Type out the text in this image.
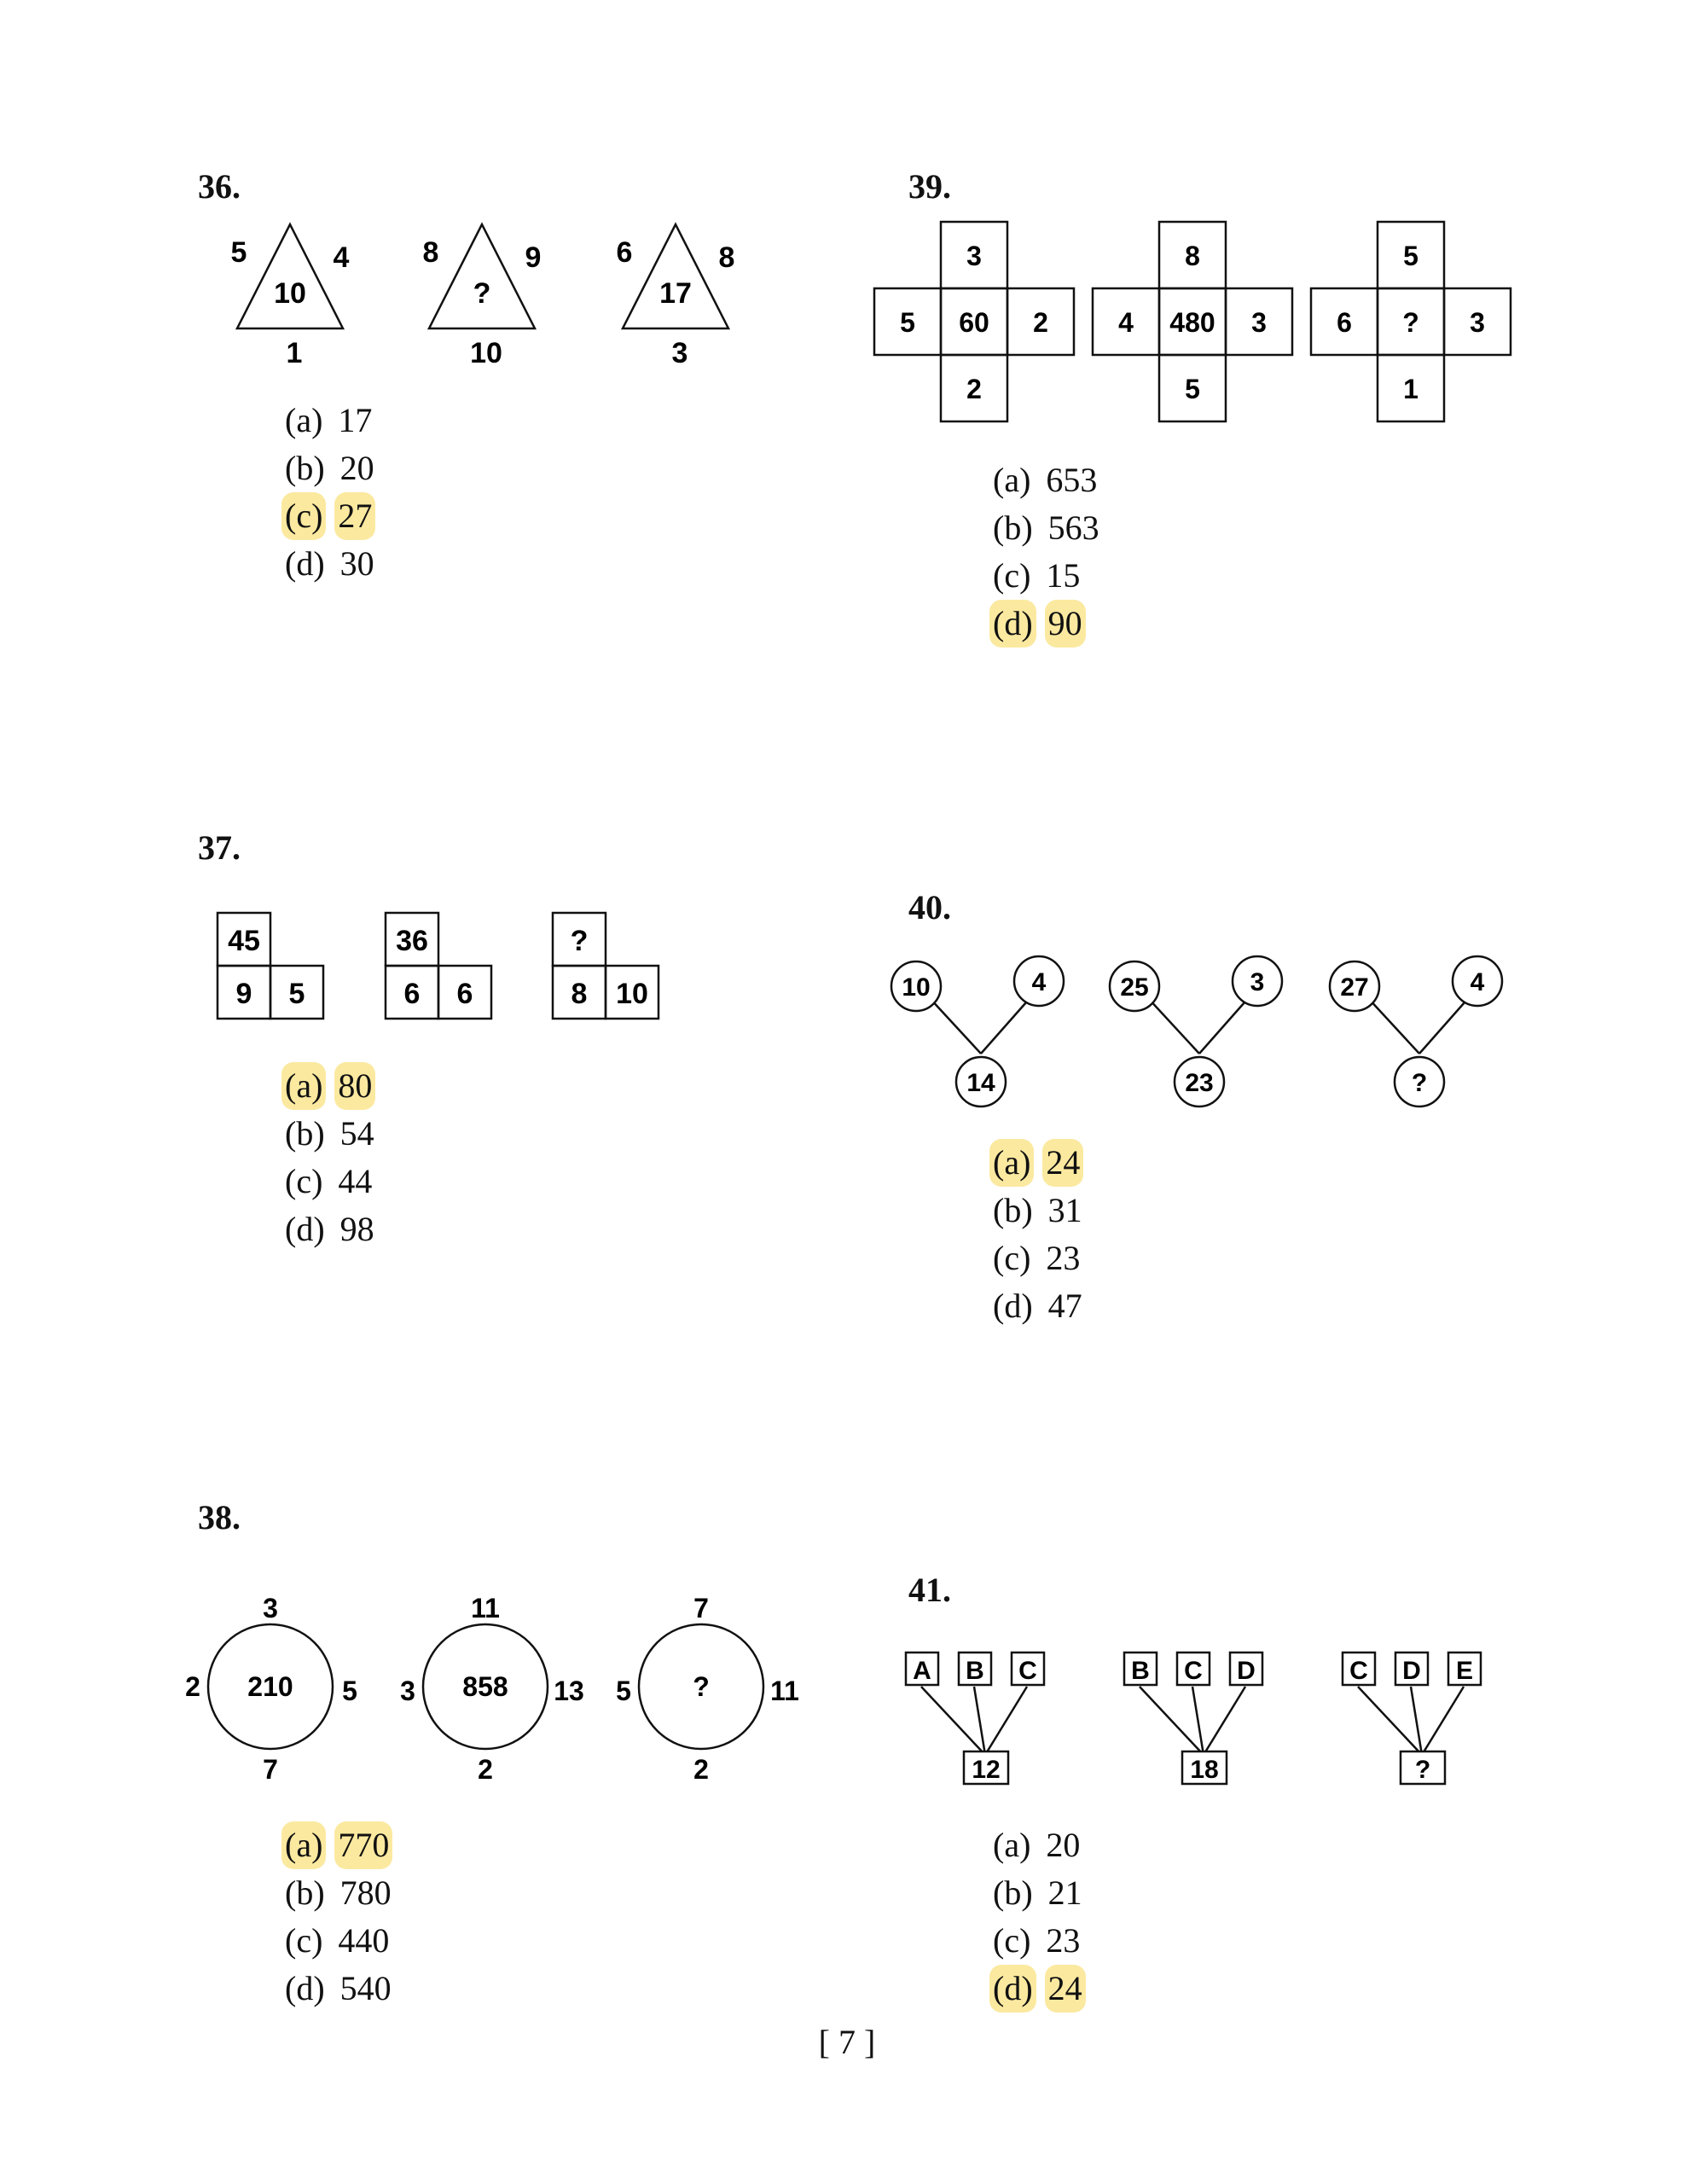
36.
5	4
10
1
8	9
?
10
6	8
17
3
(a) 17
(b) 20
(c) 27
(d) 30
37.
45
9 5
36
6 6
?
8 10
(a) 80
(b) 54
(c) 44
(d) 98
38.
3
2	5
7
210
11
3	13
2
858
7
5	11
2
?
(a) 770
(b) 780
(c) 440
(d) 540
39.
3
5 60 2
2
8
4 480 3
5
5
6 ? 3
1
(a) 653
(b) 563
(c) 15
(d) 90
40.
10	4
14
25	3
23
27	4
?
(a) 24
(b) 31
(c) 23
(d) 47
41.
A B C
12
B C D
18
C D E
?
(a) 20
(b) 21
(c) 23
(d) 24
[ 7 ]
